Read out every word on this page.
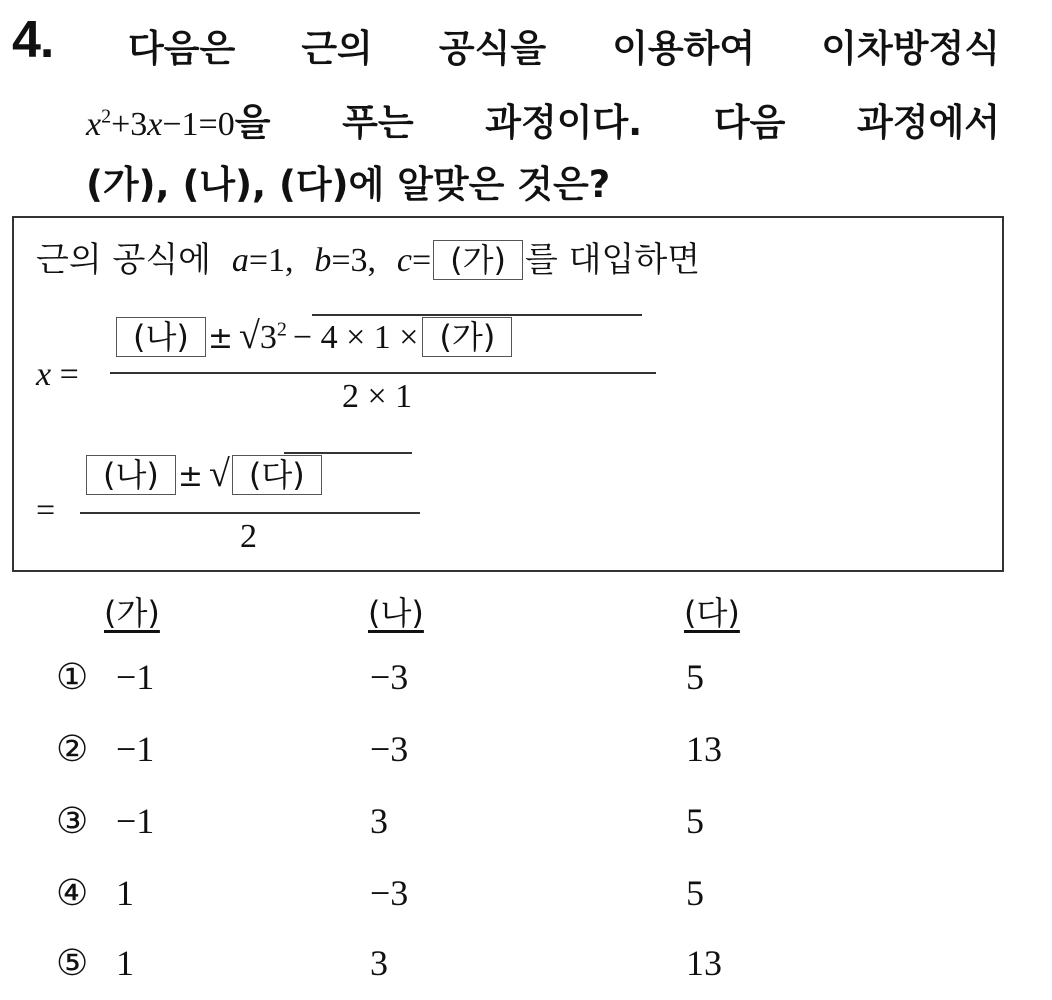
4. 다음은 근의 공식을 이용하여 이차방정식
$x^2+3x-1=0$을 푸는 과정이다. 다음 과정에서
(가), (나), (다)에 알맞은 것은?
근의 공식에 a=1, b=3, c= (가) 를 대입하면
x =
(나) ± $√3^2 - 4 \times 1$ × (가)
2 × 1
=
(나) ± √ (다)
2
(가)	(나)	(다)
① −1	−3	5
② −1	−3	13
③ −1	3	5
④ 1	−3	5
⑤ 1	3	13
